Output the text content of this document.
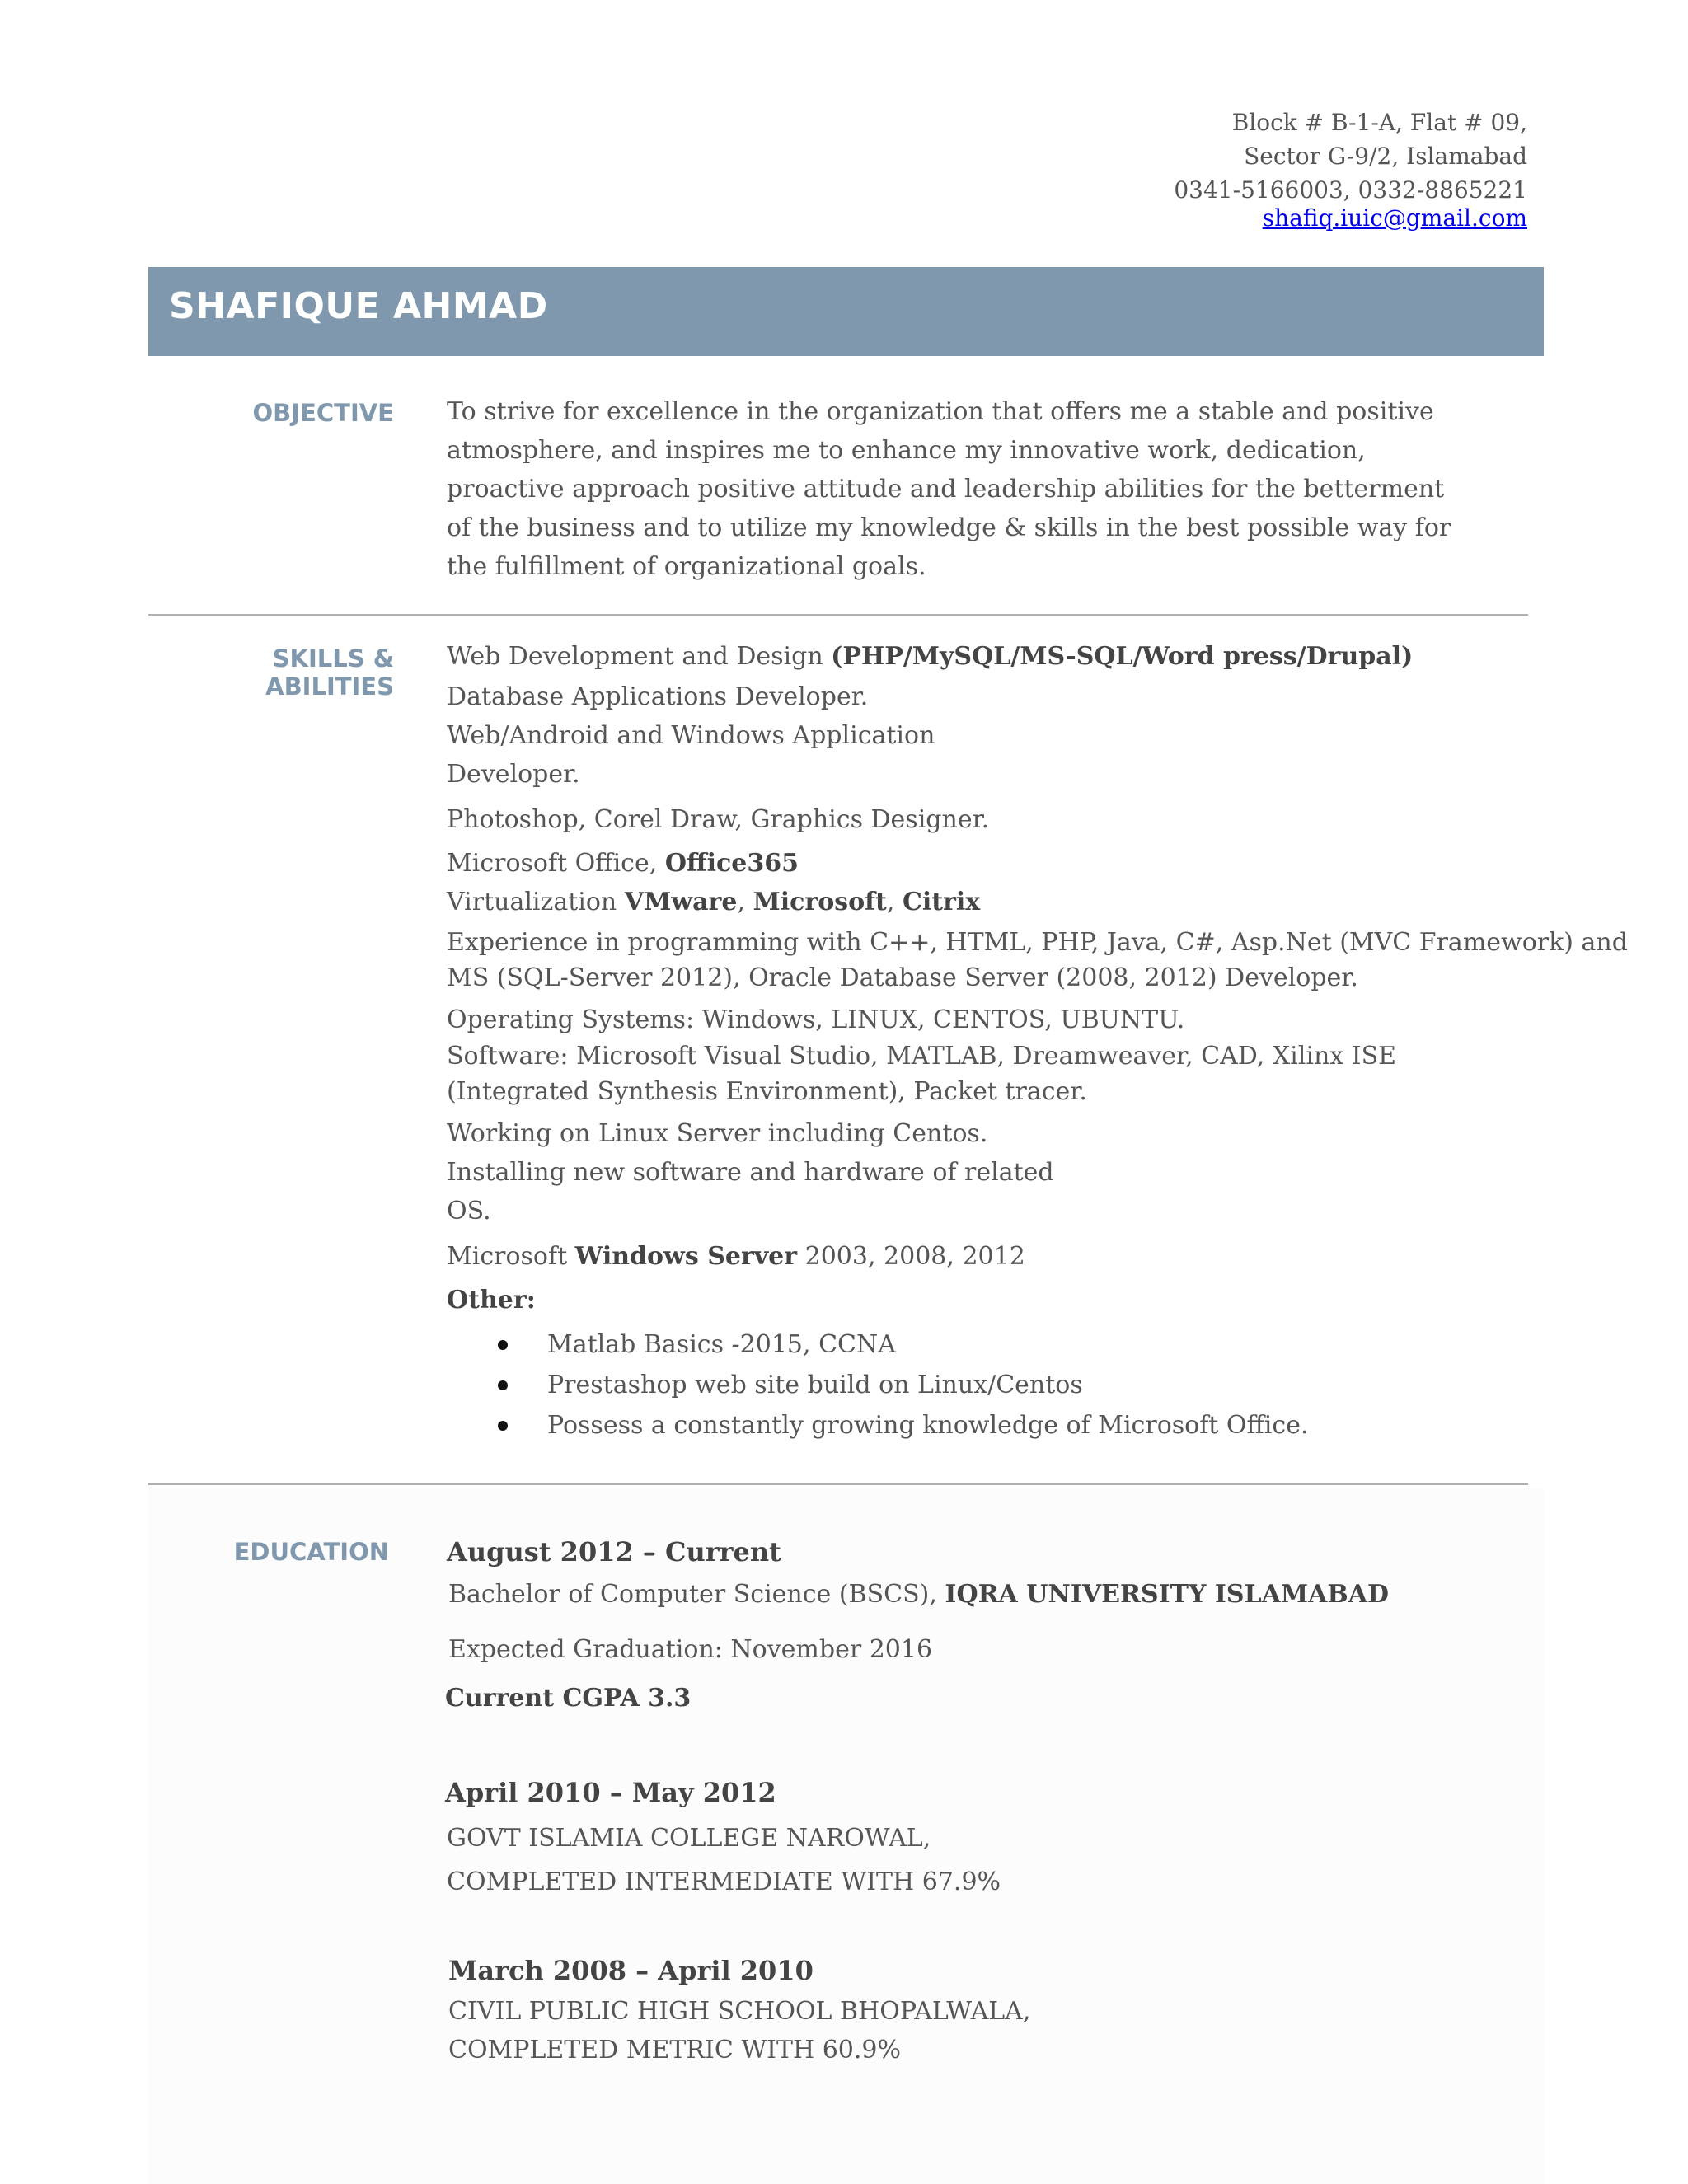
Block # B-1-A, Flat # 09,
Sector G-9/2, Islamabad
0341-5166003, 0332-8865221
shafiq.iuic@gmail.com
SHAFIQUE AHMAD
OBJECTIVE To strive for excellence in the organization that offers me a stable and positive
atmosphere, and inspires me to enhance my innovative work, dedication,
proactive approach positive attitude and leadership abilities for the betterment
of the business and to utilize my knowledge & skills in the best possible way for
the fulfillment of organizational goals.
SKILLS & ABILITIES
Web Development and Design (PHP/MySQL/MS-SQL/Word press/Drupal)
Database Applications Developer.
Web/Android and Windows Application
Developer.
Photoshop, Corel Draw, Graphics Designer.
Microsoft Office, Office365
Virtualization VMware, Microsoft, Citrix
Experience in programming with C++, HTML, PHP, Java, C#, Asp.Net (MVC Framework) and
MS (SQL-Server 2012), Oracle Database Server (2008, 2012) Developer.
Operating Systems: Windows, LINUX, CENTOS, UBUNTU.
Software: Microsoft Visual Studio, MATLAB, Dreamweaver, CAD, Xilinx ISE
(Integrated Synthesis Environment), Packet tracer.
Working on Linux Server including Centos.
Installing new software and hardware of related
OS.
Microsoft Windows Server 2003, 2008, 2012
Other:
Matlab Basics -2015, CCNA
Prestashop web site build on Linux/Centos
Possess a constantly growing knowledge of Microsoft Office.
EDUCATION August 2012 – Current
Bachelor of Computer Science (BSCS), IQRA UNIVERSITY ISLAMABAD
Expected Graduation: November 2016
Current CGPA 3.3
April 2010 – May 2012
GOVT ISLAMIA COLLEGE NAROWAL,
COMPLETED INTERMEDIATE WITH 67.9%
March 2008 – April 2010
CIVIL PUBLIC HIGH SCHOOL BHOPALWALA,
COMPLETED METRIC WITH 60.9%
